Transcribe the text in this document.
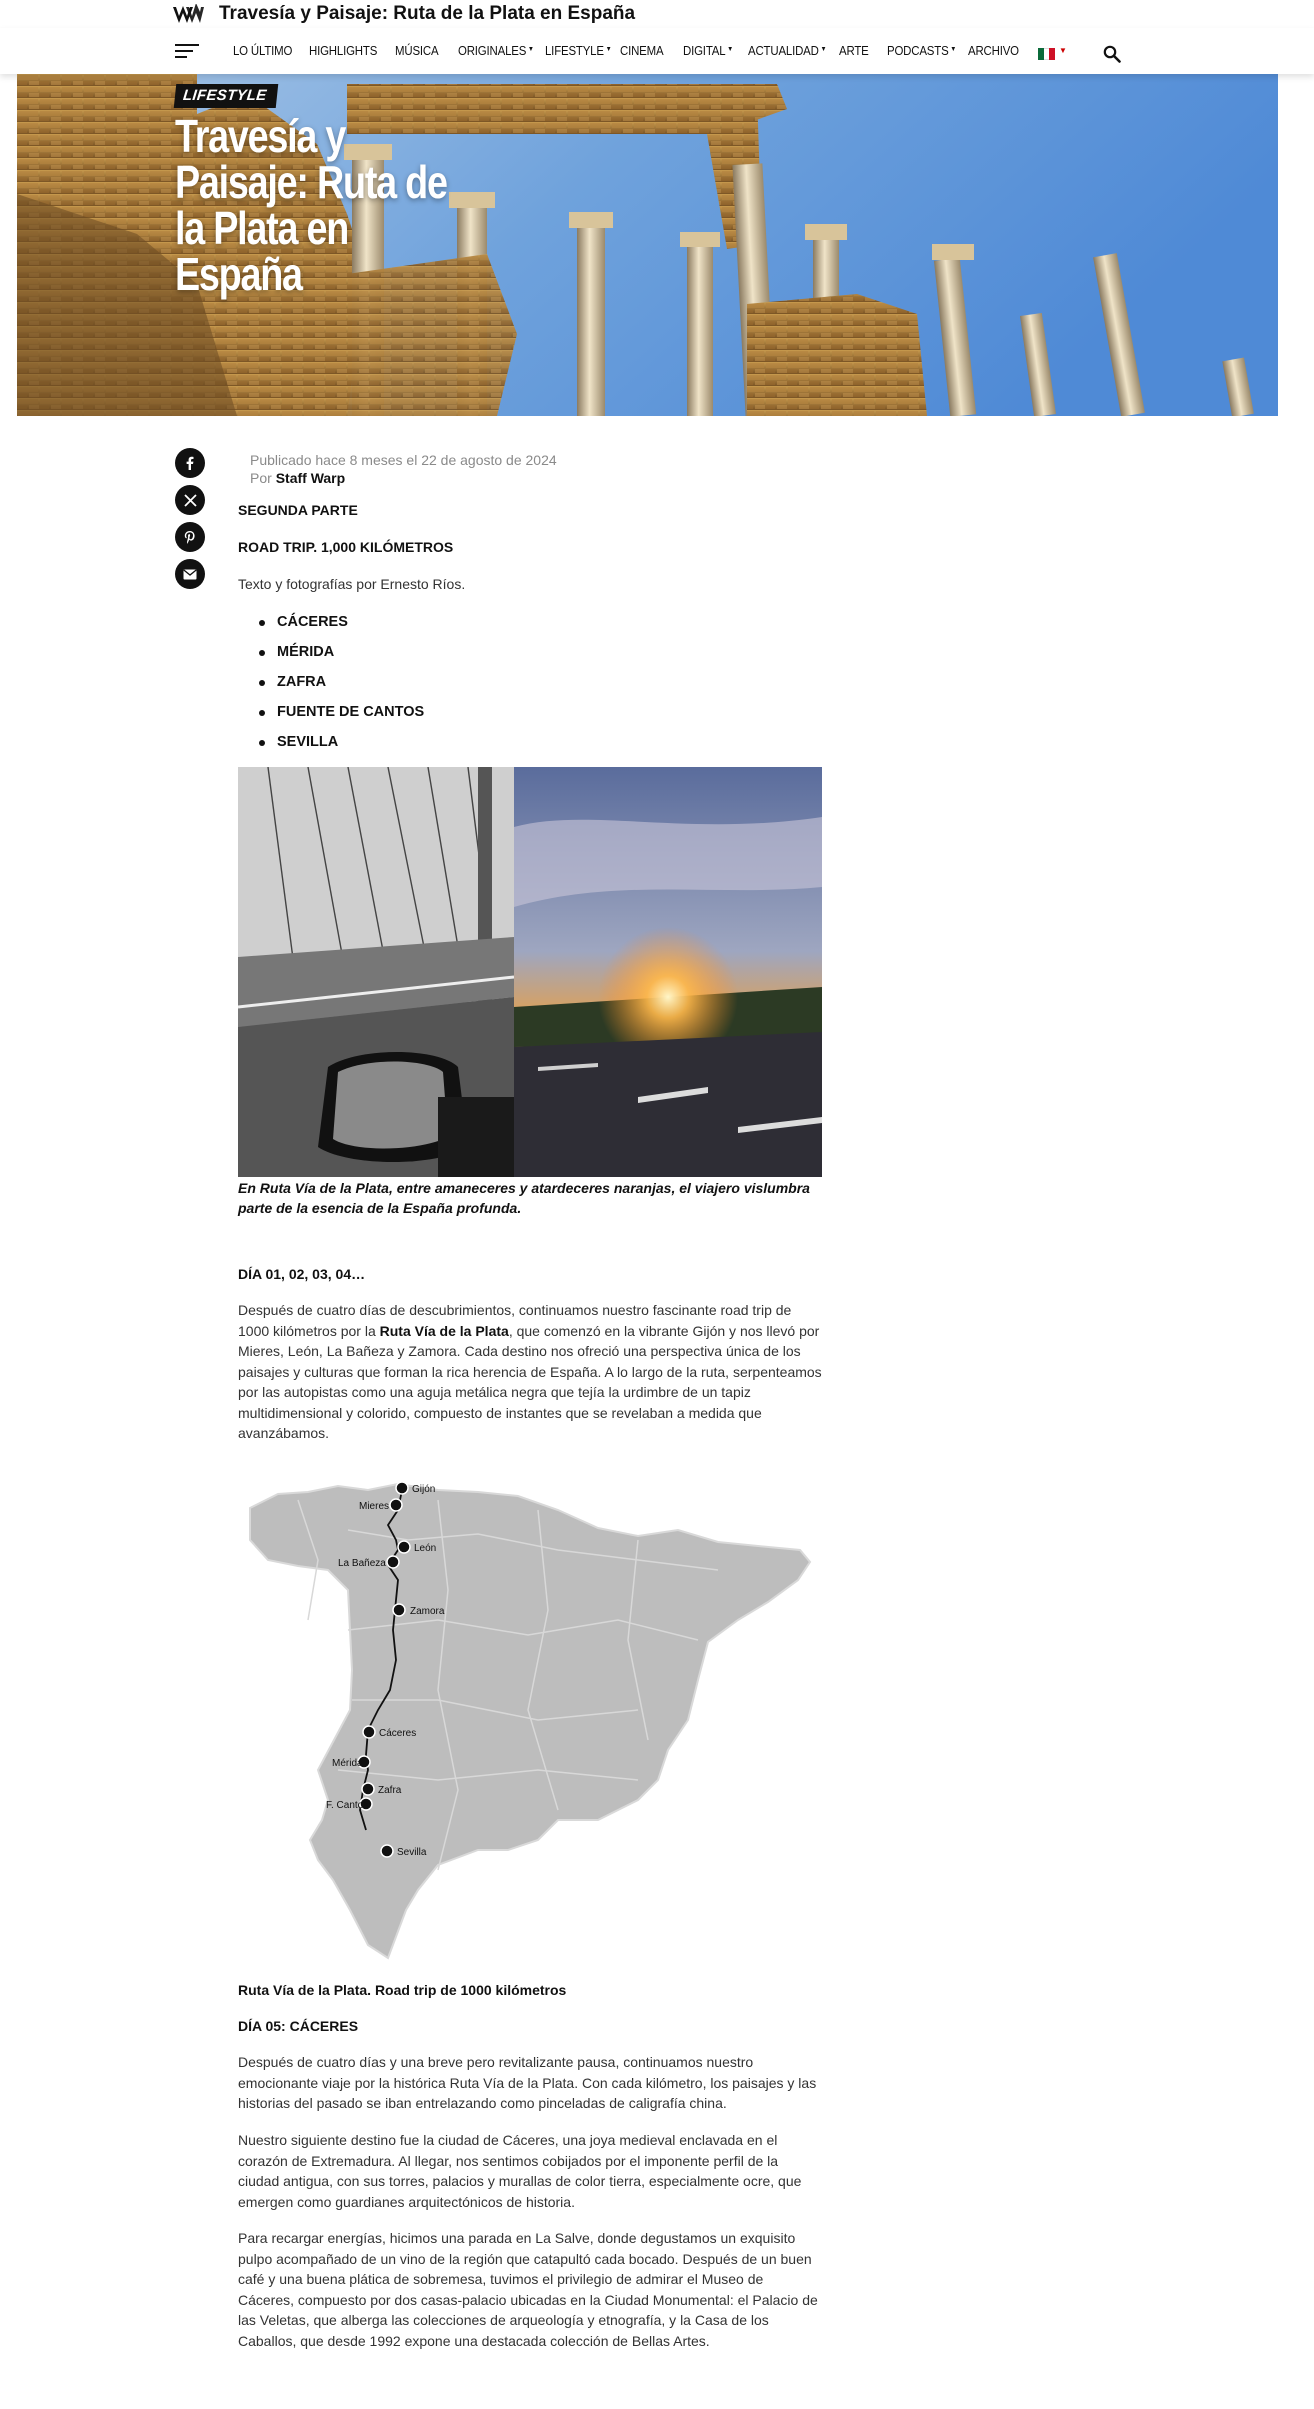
Travesía y Paisaje: Ruta de la Plata en España
LO ÚLTIMO HIGHLIGHTS MÚSICA ORIGINALES ▼ LIFESTYLE ▼ CINEMA DIGITAL ▼ ACTUALIDAD ▼ ARTE PODCASTS ▼ ARCHIVO	▼
LIFESTYLE
Travesía y Paisaje: Ruta de la Plata en España
Publicado hace 8 meses el 22 de agosto de 2024
Por Staff Warp
SEGUNDA PARTE
ROAD TRIP. 1,000 KILÓMETROS
Texto y fotografías por Ernesto Ríos.
CÁCERES
MÉRIDA
ZAFRA
FUENTE DE CANTOS
SEVILLA
En Ruta Vía de la Plata, entre amaneceres y atardeceres naranjas, el viajero vislumbra parte de la esencia de la España profunda.
DÍA 01, 02, 03, 04…
Después de cuatro días de descubrimientos, continuamos nuestro fascinante road trip de 1000 kilómetros por la Ruta Vía de la Plata, que comenzó en la vibrante Gijón y nos llevó por Mieres, León, La Bañeza y Zamora. Cada destino nos ofreció una perspectiva única de los paisajes y culturas que forman la rica herencia de España. A lo largo de la ruta, serpenteamos por las autopistas como una aguja metálica negra que tejía la urdimbre de un tapiz multidimensional y colorido, compuesto de instantes que se revelaban a medida que avanzábamos.
Gijón
Mieres
León
La Bañeza
Zamora
Cáceres
Mérida
Zafra
F. Cantos
Sevilla
Ruta Vía de la Plata. Road trip de 1000 kilómetros
DÍA 05: CÁCERES
Después de cuatro días y una breve pero revitalizante pausa, continuamos nuestro emocionante viaje por la histórica Ruta Vía de la Plata. Con cada kilómetro, los paisajes y las historias del pasado se iban entrelazando como pinceladas de caligrafía china.
Nuestro siguiente destino fue la ciudad de Cáceres, una joya medieval enclavada en el corazón de Extremadura. Al llegar, nos sentimos cobijados por el imponente perfil de la ciudad antigua, con sus torres, palacios y murallas de color tierra, especialmente ocre, que emergen como guardianes arquitectónicos de historia.
Para recargar energías, hicimos una parada en La Salve, donde degustamos un exquisito pulpo acompañado de un vino de la región que catapultó cada bocado. Después de un buen café y una buena plática de sobremesa, tuvimos el privilegio de admirar el Museo de Cáceres, compuesto por dos casas-palacio ubicadas en la Ciudad Monumental: el Palacio de las Veletas, que alberga las colecciones de arqueología y etnografía, y la Casa de los Caballos, que desde 1992 expone una destacada colección de Bellas Artes.
